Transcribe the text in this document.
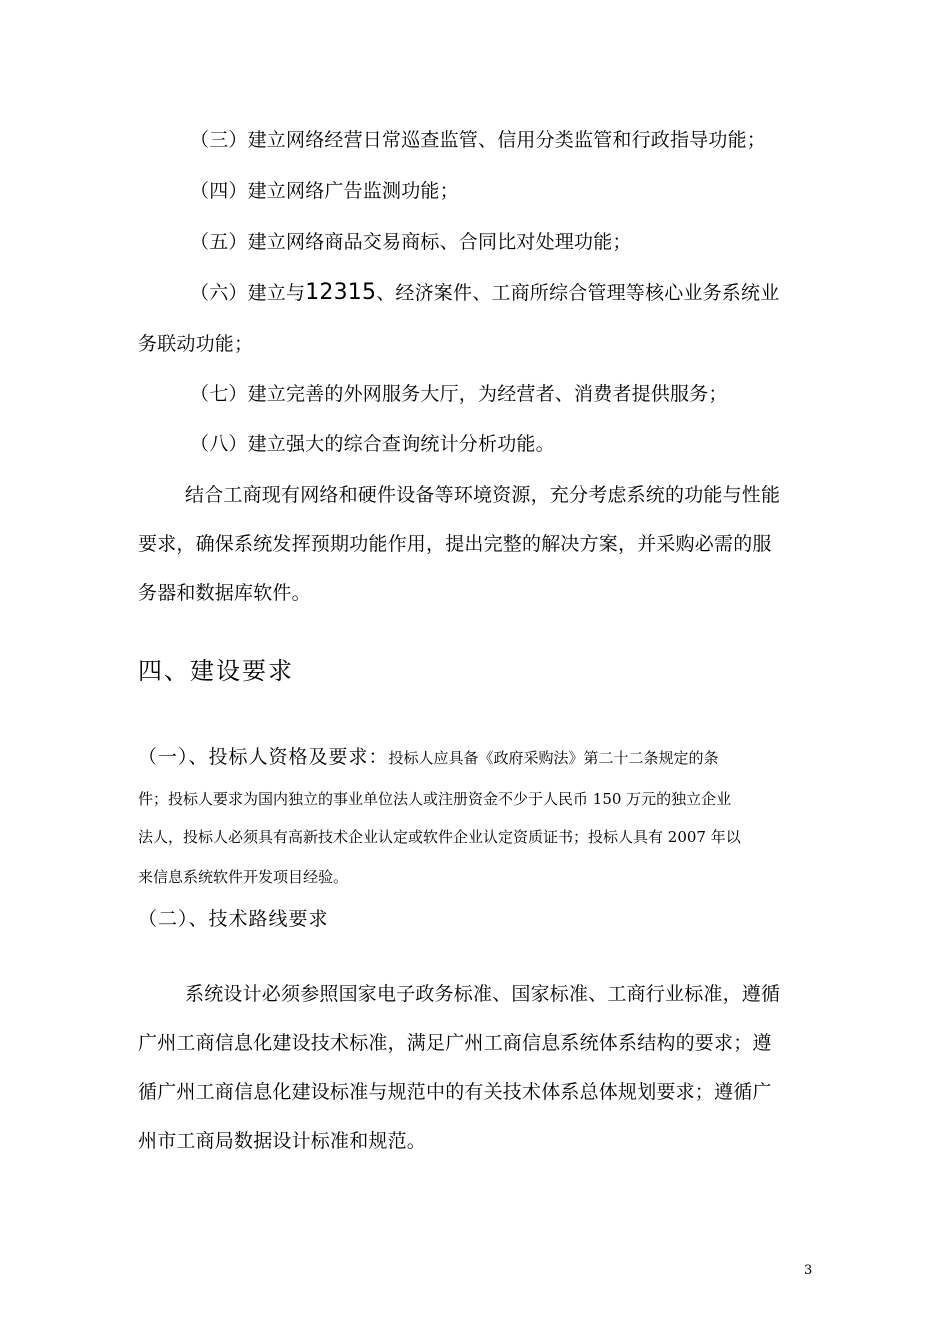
（三）建立网络经营日常巡查监管、信用分类监管和行政指导功能；
（四）建立网络广告监测功能；
（五）建立网络商品交易商标、合同比对处理功能；
（六）建立与12315、经济案件、工商所综合管理等核心业务系统业
务联动功能；
（七）建立完善的外网服务大厅，为经营者、消费者提供服务；
（八）建立强大的综合查询统计分析功能。
结合工商现有网络和硬件设备等环境资源，充分考虑系统的功能与性能
要求，确保系统发挥预期功能作用，提出完整的解决方案，并采购必需的服
务器和数据库软件。
四、建设要求
（一）、投标人资格及要求：投标人应具备《政府采购法》第二十二条规定的条
件；投标人要求为国内独立的事业单位法人或注册资金不少于人民币 150 万元的独立企业
法人，投标人必须具有高新技术企业认定或软件企业认定资质证书；投标人具有 2007 年以
来信息系统软件开发项目经验。
（二）、技术路线要求
系统设计必须参照国家电子政务标准、国家标准、工商行业标准，遵循
广州工商信息化建设技术标准，满足广州工商信息系统体系结构的要求；遵
循广州工商信息化建设标准与规范中的有关技术体系总体规划要求；遵循广
州市工商局数据设计标准和规范。
3
